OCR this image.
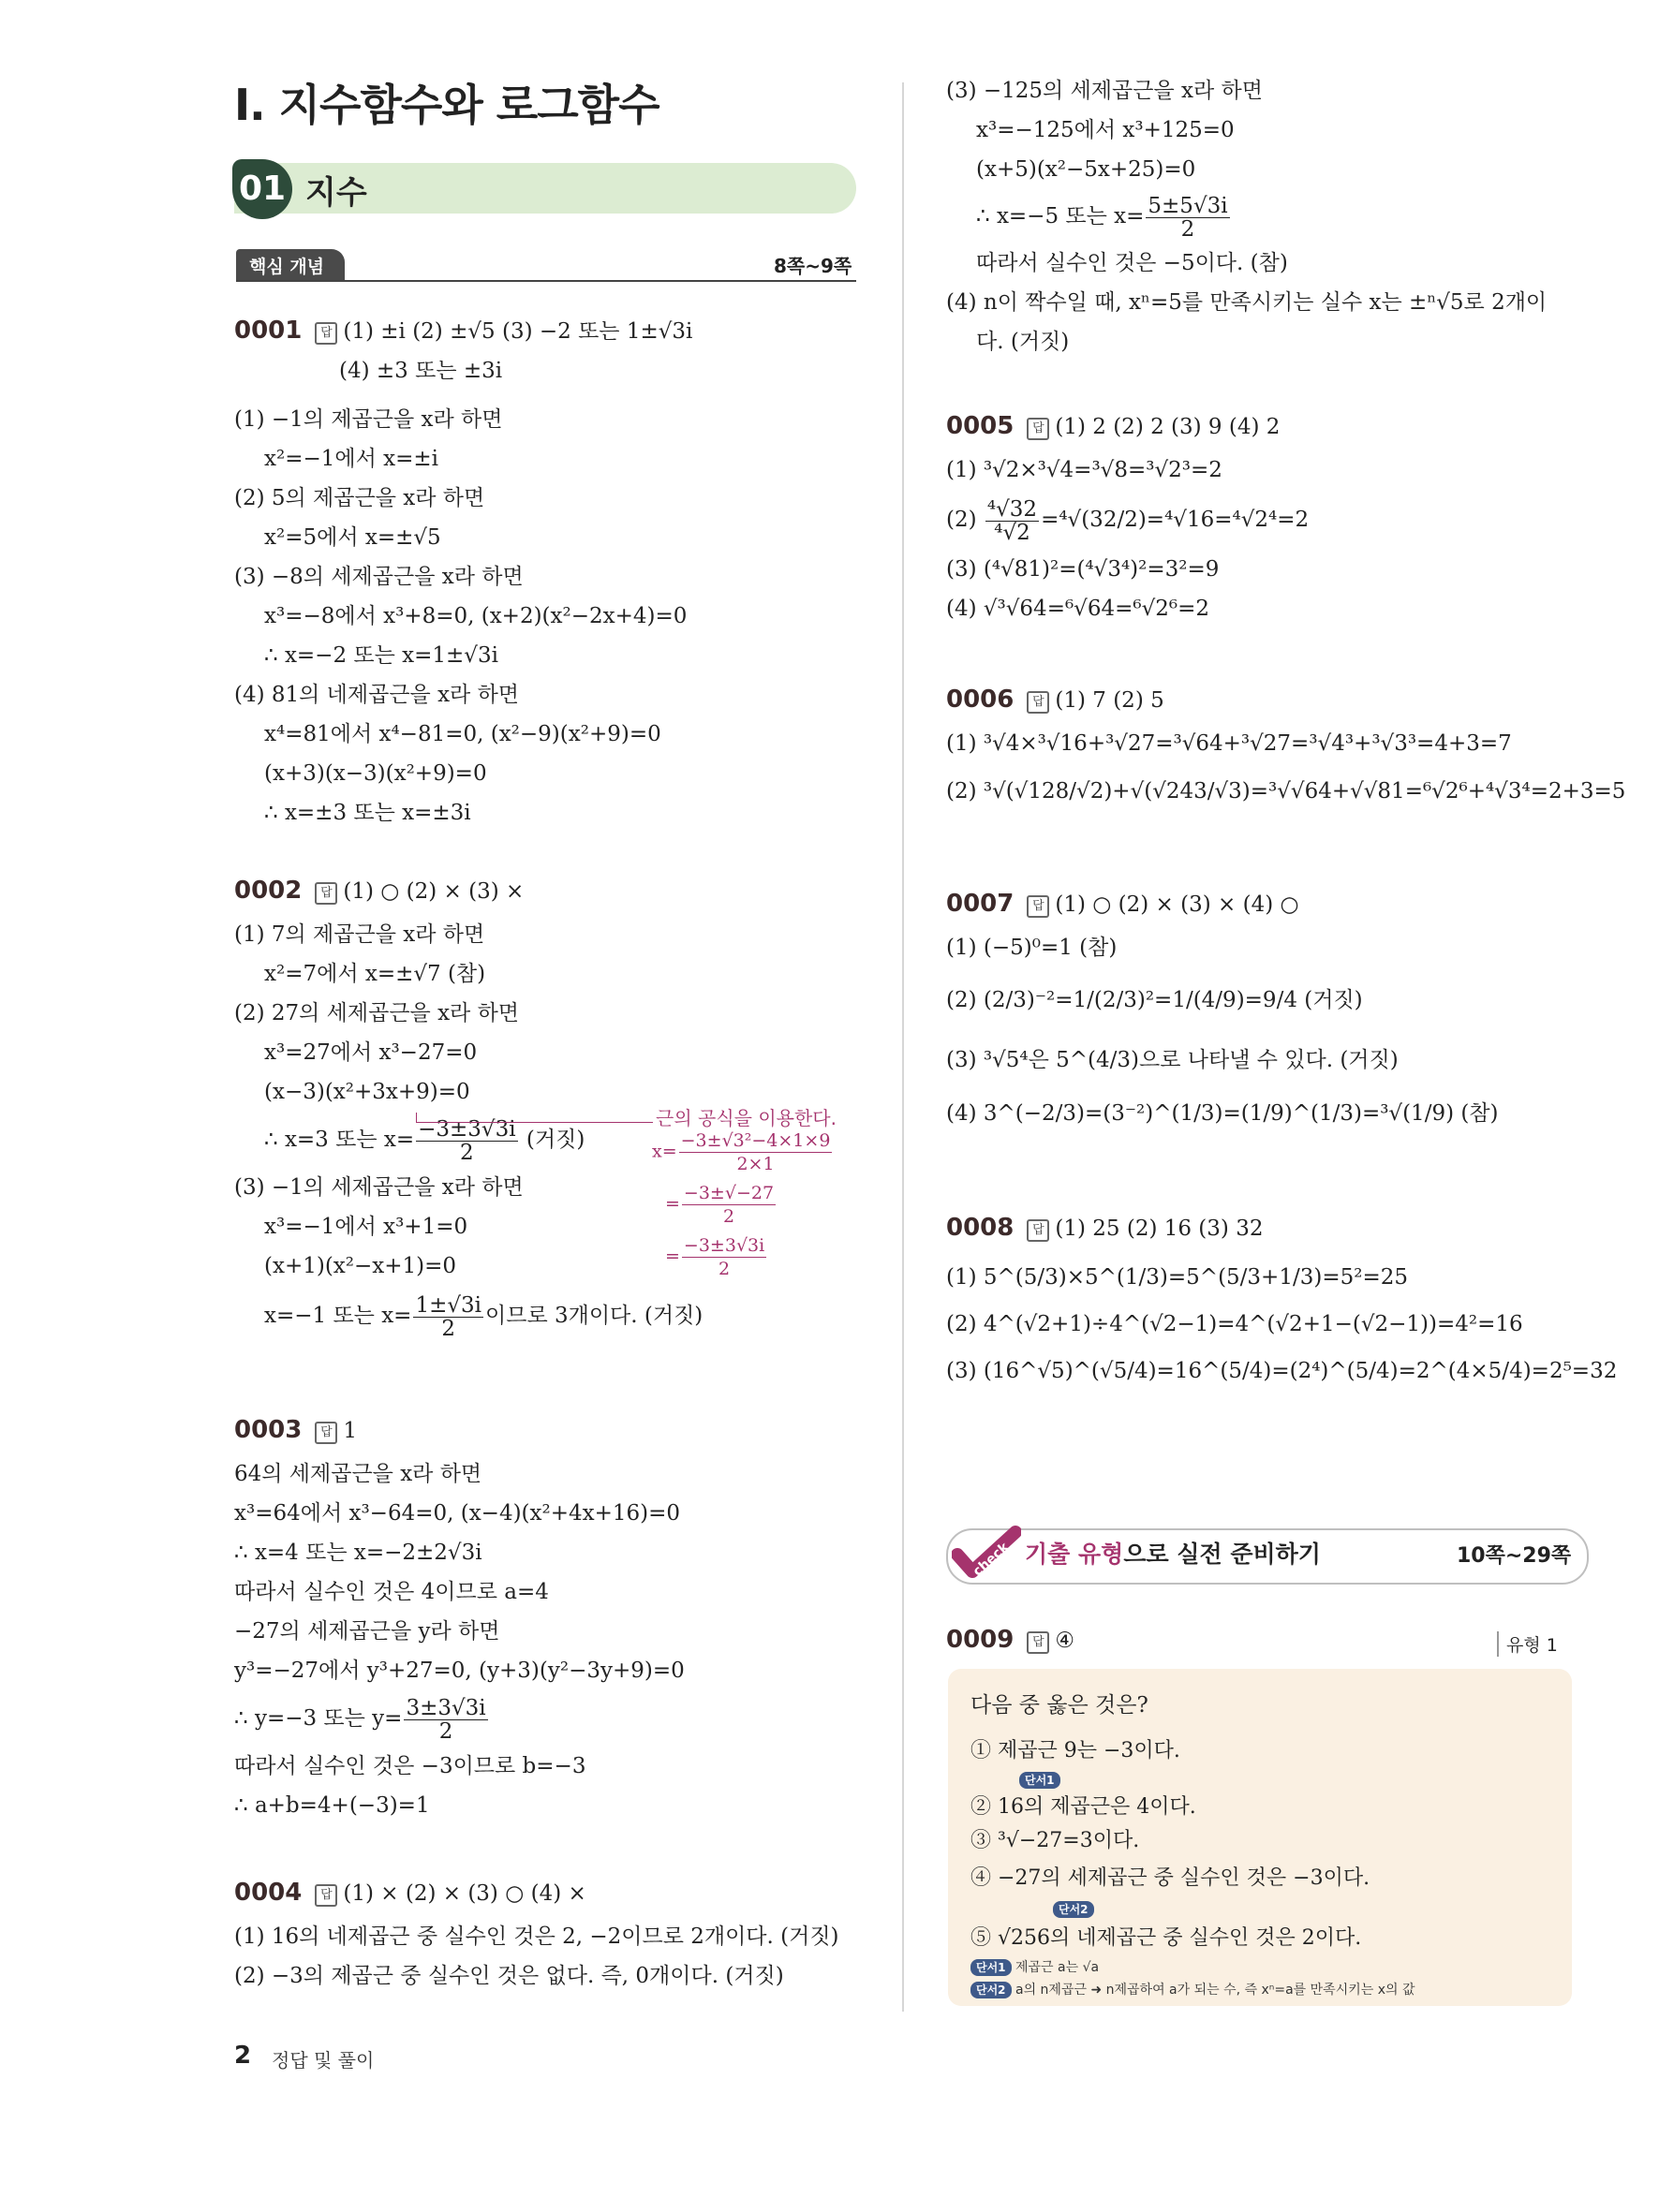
I. 지수함수와 로그함수
01 지수
핵심 개념	8쪽~9쪽
0001 답 (1) ±i (2) ±√5 (3) −2 또는 1±√3i
(4) ±3 또는 ±3i
(1) −1의 제곱근을 x라 하면
x²=−1에서 x=±i
(2) 5의 제곱근을 x라 하면
x²=5에서 x=±√5
(3) −8의 세제곱근을 x라 하면
x³=−8에서 x³+8=0, (x+2)(x²−2x+4)=0
∴ x=−2 또는 x=1±√3i
(4) 81의 네제곱근을 x라 하면
x⁴=81에서 x⁴−81=0, (x²−9)(x²+9)=0
(x+3)(x−3)(x²+9)=0
∴ x=±3 또는 x=±3i
0002 답 (1) ○ (2) × (3) ×
(1) 7의 제곱근을 x라 하면
x²=7에서 x=±√7 (참)
(2) 27의 세제곱근을 x라 하면
x³=27에서 x³−27=0
(x−3)(x²+3x+9)=0
∴ x=3 또는 $x= \frac{-3\pm 3√3i}{2}$ (거짓)
(3) −1의 세제곱근을 x라 하면
x³=−1에서 x³+1=0
(x+1)(x²−x+1)=0
x=−1 또는 $x= \frac{1\pm√3i}{2}$ 이므로 3개이다. (거짓)
근의 공식을 이용한다.
$x= \frac{\text{−3±√3²−4×1×9}}{2\times 1}$
= $\frac{-3\pm√-27}{2}$
= $\frac{-3\pm 3√3i}{2}$
0003 답 1
64의 세제곱근을 x라 하면
x³=64에서 x³−64=0, (x−4)(x²+4x+16)=0
∴ x=4 또는 x=−2±2√3i
따라서 실수인 것은 4이므로 a=4
−27의 세제곱근을 y라 하면
y³=−27에서 y³+27=0, (y+3)(y²−3y+9)=0
∴ y=−3 또는 $y= \frac{3\pm 3√3i}{2}$
따라서 실수인 것은 −3이므로 b=−3
∴ a+b=4+(−3)=1
0004 답 (1) × (2) × (3) ○ (4) ×
(1) 16의 네제곱근 중 실수인 것은 2, −2이므로 2개이다. (거짓)
(2) −3의 제곱근 중 실수인 것은 없다. 즉, 0개이다. (거짓)
(3) −125의 세제곱근을 x라 하면
x³=−125에서 x³+125=0
(x+5)(x²−5x+25)=0
∴ x=−5 또는 $x= \frac{5\pm 5√3i}{2}$
따라서 실수인 것은 −5이다. (참)
(4) n이 짝수일 때, xⁿ=5를 만족시키는 실수 x는 ±ⁿ√5로 2개이
다. (거짓)
0005 답 (1) 2 (2) 2 (3) 9 (4) 2
(1) ³√2×³√4=³√8=³√2³=2
$(2) \frac{\text{⁴√32}}{\text{⁴√2}} =^4√(32/2)=^4√16=^4√2^4=2$
(3) (⁴√81)²=(⁴√3⁴)²=3²=9
(4) √³√64=⁶√64=⁶√2⁶=2
0006 답 (1) 7 (2) 5
(1) ³√4×³√16+³√27=³√64+³√27=³√4³+³√3³=4+3=7
(2) ³√(√128/√2)+√(√243/√3)=³√√64+√√81=⁶√2⁶+⁴√3⁴=2+3=5
0007 답 (1) ○ (2) × (3) × (4) ○
(1) (−5)⁰=1 (참)
(2) (2/3)⁻²=1/(2/3)²=1/(4/9)=9/4 (거짓)
(3) ³√5⁴은 5^(4/3)으로 나타낼 수 있다. (거짓)
(4) 3^(−2/3)=(3⁻²)^(1/3)=(1/9)^(1/3)=³√(1/9) (참)
0008 답 (1) 25 (2) 16 (3) 32
(1) 5^(5/3)×5^(1/3)=5^(5/3+1/3)=5²=25
(2) 4^(√2+1)÷4^(√2−1)=4^(√2+1−(√2−1))=4²=16
(3) (16^√5)^(√5/4)=16^(5/4)=(2⁴)^(5/4)=2^(4×5/4)=2⁵=32
check 기출 유형으로 실전 준비하기	10쪽~29쪽
0009 답 ④	유형 1
다음 중 옳은 것은?
① 제곱근 9는 −3이다.
단서1
② 16의 제곱근은 4이다.
③ ³√−27=3이다.
④ −27의 세제곱근 중 실수인 것은 −3이다.
단서2
⑤ √256의 네제곱근 중 실수인 것은 2이다.
단서1 제곱근 a는 √a
단서2 a의 n제곱근 ➜ n제곱하여 a가 되는 수, 즉 xⁿ=a를 만족시키는 x의 값
2 정답 및 풀이
